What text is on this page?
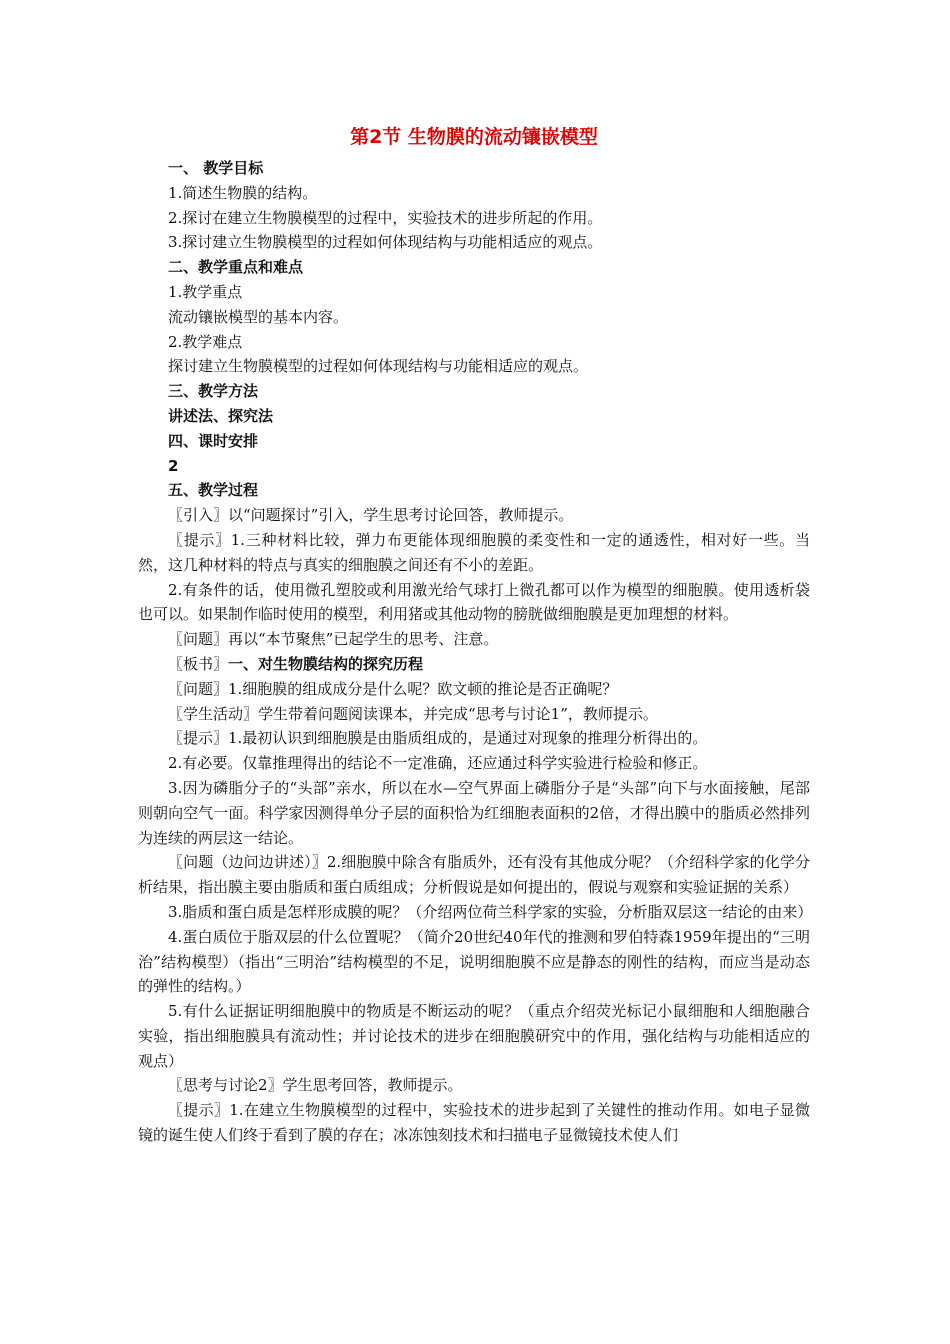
第2节 生物膜的流动镶嵌模型

一、 教学目标

1.简述生物膜的结构。

2.探讨在建立生物膜模型的过程中，实验技术的进步所起的作用。

3.探讨建立生物膜模型的过程如何体现结构与功能相适应的观点。

二、教学重点和难点

1.教学重点

流动镶嵌模型的基本内容。

2.教学难点

探讨建立生物膜模型的过程如何体现结构与功能相适应的观点。

三、教学方法

讲述法、探究法

四、课时安排

2

五、教学过程

〖引入〗以“问题探讨”引入，学生思考讨论回答，教师提示。

〖提示〗1.三种材料比较，弹力布更能体现细胞膜的柔变性和一定的通透性，相对好一些。当然，这几种材料的特点与真实的细胞膜之间还有不小的差距。

2.有条件的话，使用微孔塑胶或利用激光给气球打上微孔都可以作为模型的细胞膜。使用透析袋也可以。如果制作临时使用的模型，利用猪或其他动物的膀胱做细胞膜是更加理想的材料。

〖问题〗再以“本节聚焦”已起学生的思考、注意。

〖板书〗一、对生物膜结构的探究历程

〖问题〗1.细胞膜的组成成分是什么呢？欧文顿的推论是否正确呢？

〖学生活动〗学生带着问题阅读课本，并完成“思考与讨论1”，教师提示。

〖提示〗1.最初认识到细胞膜是由脂质组成的，是通过对现象的推理分析得出的。

2.有必要。仅靠推理得出的结论不一定准确，还应通过科学实验进行检验和修正。

3.因为磷脂分子的“头部”亲水，所以在水—空气界面上磷脂分子是“头部”向下与水面接触，尾部则朝向空气一面。科学家因测得单分子层的面积恰为红细胞表面积的2倍，才得出膜中的脂质必然排列为连续的两层这一结论。

〖问题（边问边讲述）〗2.细胞膜中除含有脂质外，还有没有其他成分呢？（介绍科学家的化学分析结果，指出膜主要由脂质和蛋白质组成；分析假说是如何提出的，假说与观察和实验证据的关系）

3.脂质和蛋白质是怎样形成膜的呢？（介绍两位荷兰科学家的实验，分析脂双层这一结论的由来）

4.蛋白质位于脂双层的什么位置呢？（简介20世纪40年代的推测和罗伯特森1959年提出的“三明治”结构模型）（指出“三明治”结构模型的不足，说明细胞膜不应是静态的刚性的结构，而应当是动态的弹性的结构。）

5.有什么证据证明细胞膜中的物质是不断运动的呢？（重点介绍荧光标记小鼠细胞和人细胞融合实验，指出细胞膜具有流动性；并讨论技术的进步在细胞膜研究中的作用，强化结构与功能相适应的观点）

〖思考与讨论2〗学生思考回答，教师提示。

〖提示〗1.在建立生物膜模型的过程中，实验技术的进步起到了关键性的推动作用。如电子显微镜的诞生使人们终于看到了膜的存在；冰冻蚀刻技术和扫描电子显微镜技术使人们
